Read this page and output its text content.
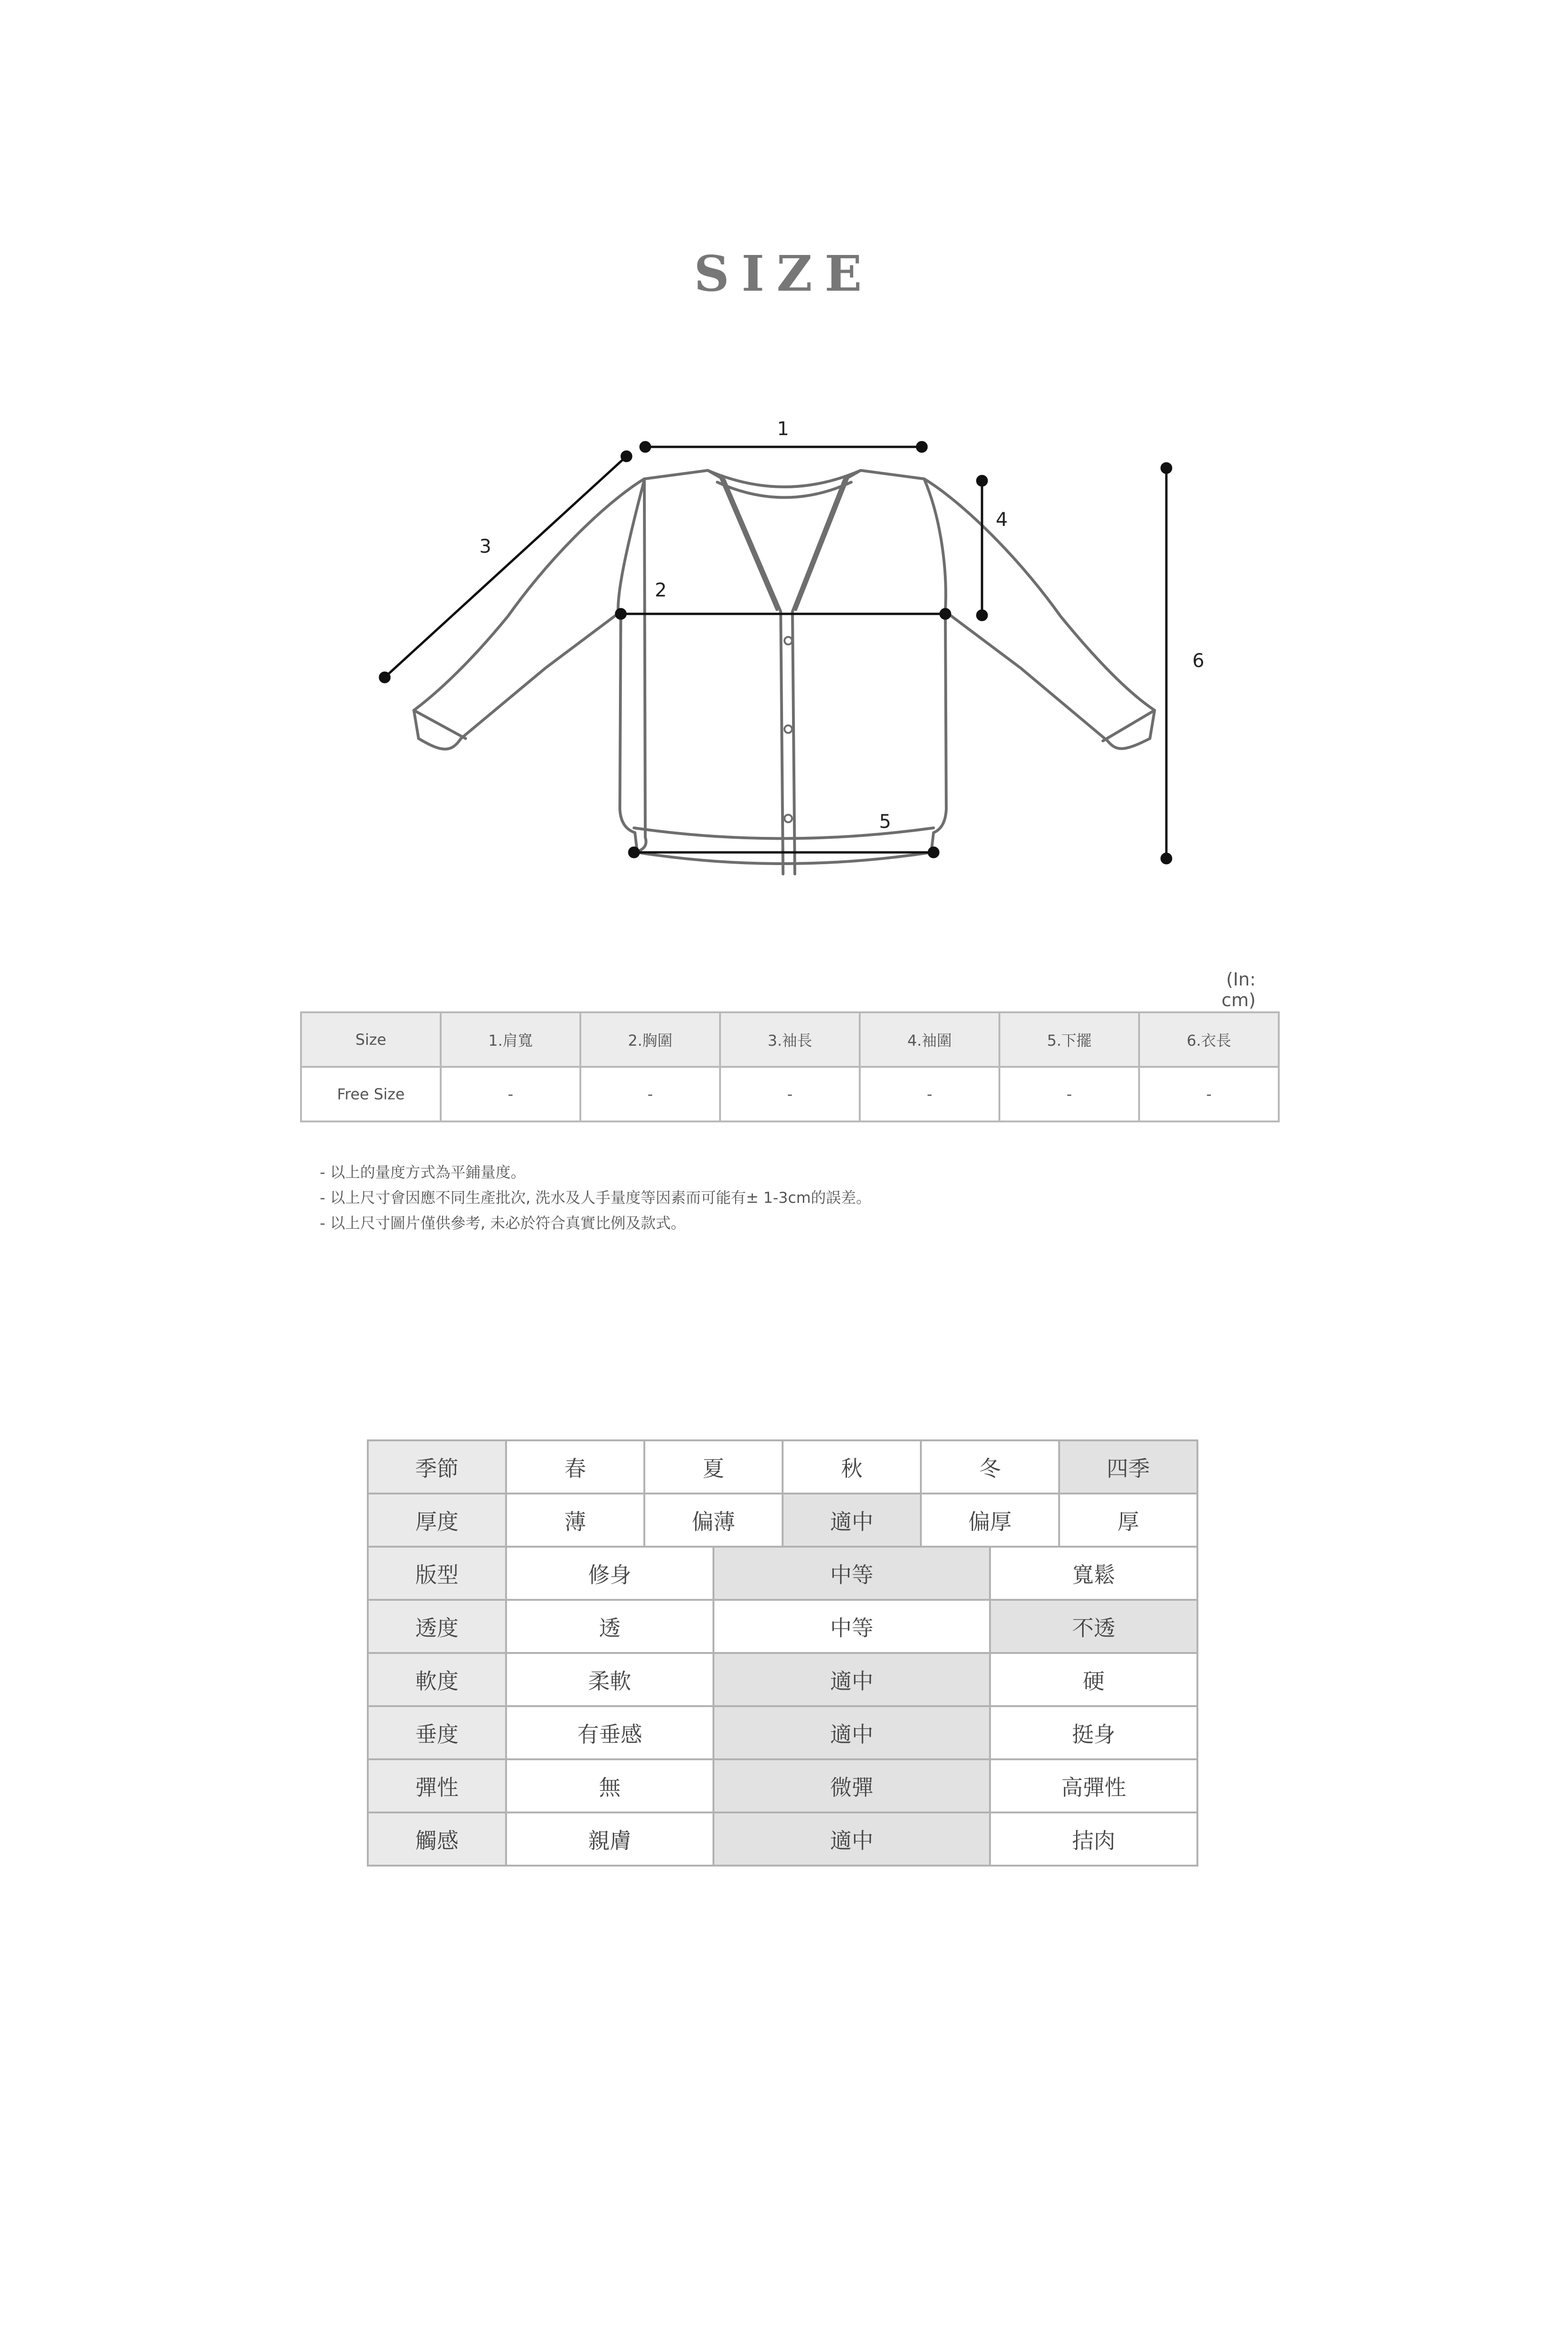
SIZE
1
2
3
4
5
6
(In: cm)
Size	1.肩寬	2.胸圍	3.袖長	4.袖圍	5.下擺	6.衣長
Free Size	-	-	-	-	-	-
- 以上的量度方式為平鋪量度。
- 以上尺寸會因應不同生產批次, 洗水及人手量度等因素而可能有± 1-3cm的誤差。
- 以上尺寸圖片僅供參考, 未必於符合真實比例及款式。
季節	春	夏		秋	冬		四季
厚度	薄	偏薄		適中	偏厚		厚
版型	修身		中等			寬鬆	
透度	透		中等			不透	
軟度	柔軟		適中			硬	
垂度	有垂感		適中			挺身	
彈性	無		微彈			高彈性	
觸感	親膚		適中			拮肉	
